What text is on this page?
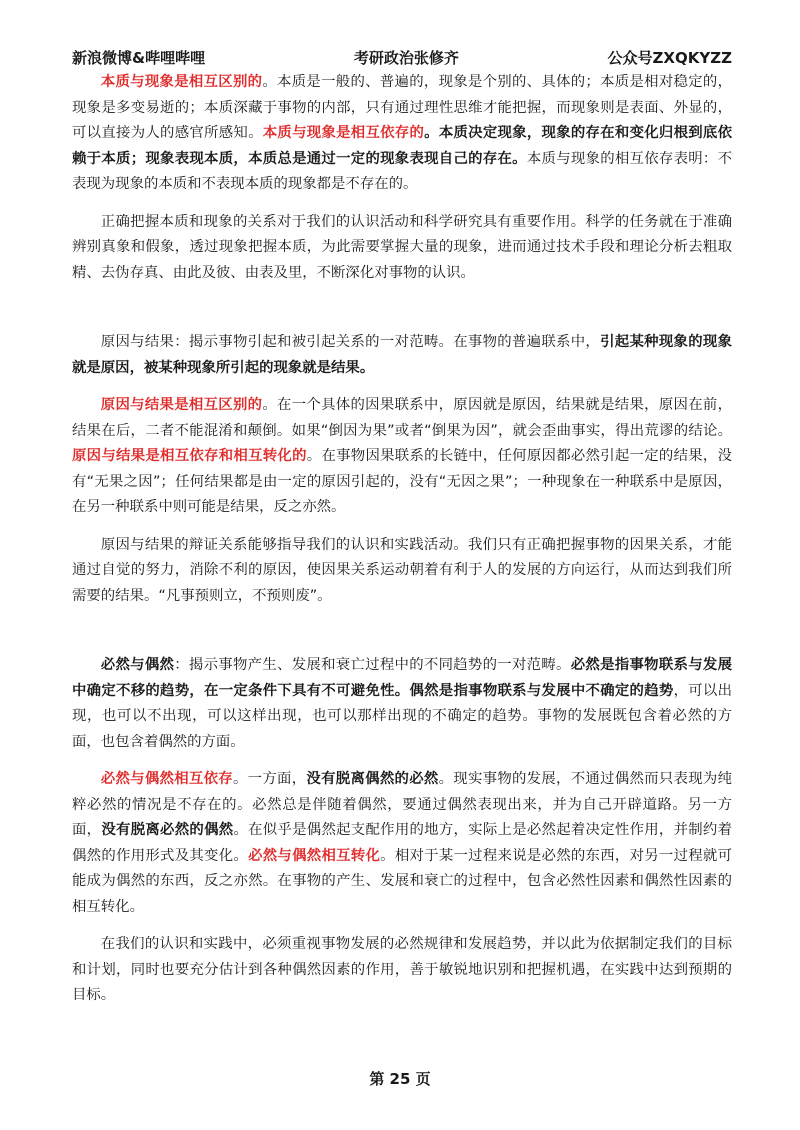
新浪微博&哔哩哔哩	考研政治张修齐	公众号ZXQKYZZ

本质与现象是相互区别的。本质是一般的、普遍的，现象是个别的、具体的；本质是相对稳定的，现象是多变易逝的；本质深藏于事物的内部，只有通过理性思维才能把握，而现象则是表面、外显的，可以直接为人的感官所感知。本质与现象是相互依存的。本质决定现象，现象的存在和变化归根到底依赖于本质；现象表现本质，本质总是通过一定的现象表现自己的存在。本质与现象的相互依存表明：不表现为现象的本质和不表现本质的现象都是不存在的。

正确把握本质和现象的关系对于我们的认识活动和科学研究具有重要作用。科学的任务就在于准确辨别真象和假象，透过现象把握本质，为此需要掌握大量的现象，进而通过技术手段和理论分析去粗取精、去伪存真、由此及彼、由表及里，不断深化对事物的认识。

原因与结果：揭示事物引起和被引起关系的一对范畴。在事物的普遍联系中，引起某种现象的现象就是原因，被某种现象所引起的现象就是结果。

原因与结果是相互区别的。在一个具体的因果联系中，原因就是原因，结果就是结果，原因在前，结果在后，二者不能混淆和颠倒。如果“倒因为果”或者“倒果为因”，就会歪曲事实，得出荒谬的结论。原因与结果是相互依存和相互转化的。在事物因果联系的长链中，任何原因都必然引起一定的结果，没有“无果之因”；任何结果都是由一定的原因引起的，没有“无因之果”；一种现象在一种联系中是原因，在另一种联系中则可能是结果，反之亦然。

原因与结果的辩证关系能够指导我们的认识和实践活动。我们只有正确把握事物的因果关系，才能通过自觉的努力，消除不利的原因，使因果关系运动朝着有利于人的发展的方向运行，从而达到我们所需要的结果。“凡事预则立，不预则废”。

必然与偶然：揭示事物产生、发展和衰亡过程中的不同趋势的一对范畴。必然是指事物联系与发展中确定不移的趋势，在一定条件下具有不可避免性。偶然是指事物联系与发展中不确定的趋势，可以出现，也可以不出现，可以这样出现，也可以那样出现的不确定的趋势。事物的发展既包含着必然的方面，也包含着偶然的方面。

必然与偶然相互依存。一方面，没有脱离偶然的必然。现实事物的发展，不通过偶然而只表现为纯粹必然的情况是不存在的。必然总是伴随着偶然，要通过偶然表现出来，并为自己开辟道路。另一方面，没有脱离必然的偶然。在似乎是偶然起支配作用的地方，实际上是必然起着决定性作用，并制约着偶然的作用形式及其变化。必然与偶然相互转化。相对于某一过程来说是必然的东西，对另一过程就可能成为偶然的东西，反之亦然。在事物的产生、发展和衰亡的过程中，包含必然性因素和偶然性因素的相互转化。

在我们的认识和实践中，必须重视事物发展的必然规律和发展趋势，并以此为依据制定我们的目标和计划，同时也要充分估计到各种偶然因素的作用，善于敏锐地识别和把握机遇，在实践中达到预期的目标。

第 25 页
